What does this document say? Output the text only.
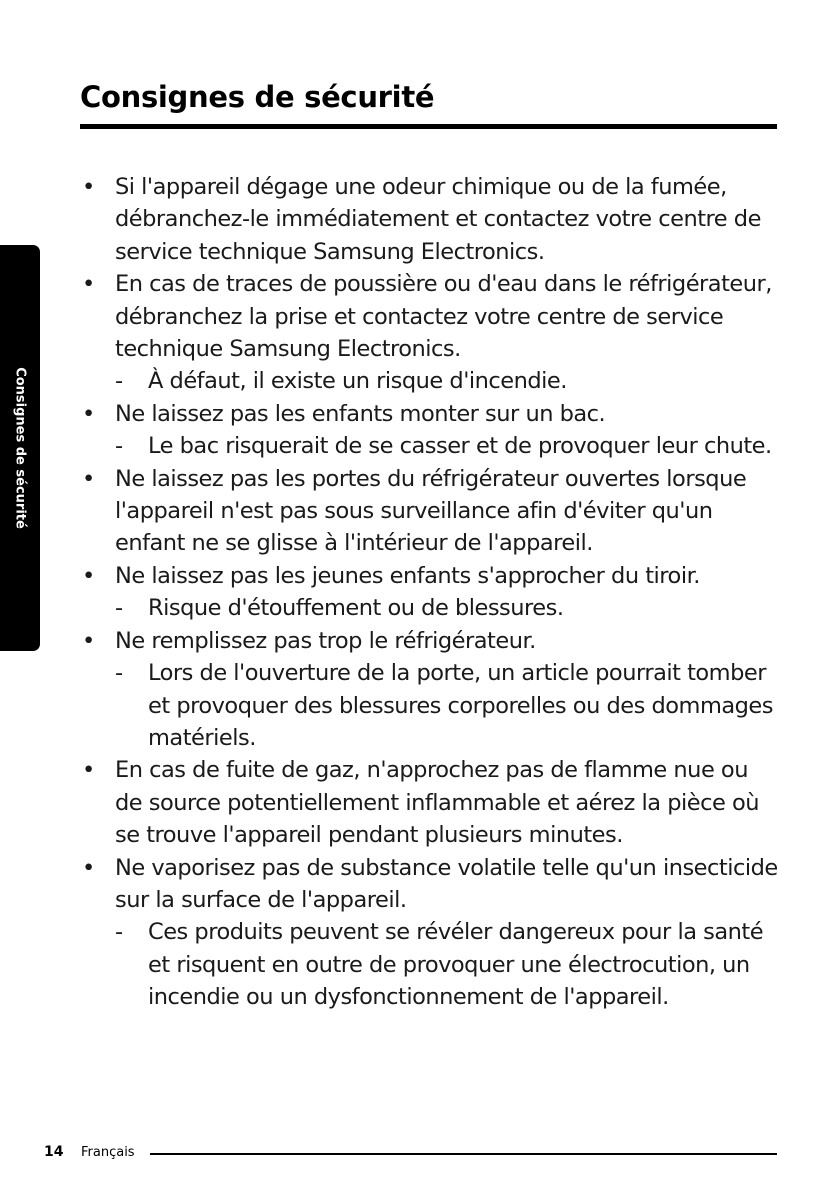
Consignes de sécurité
Consignes de sécurité
• Si l'appareil dégage une odeur chimique ou de la fumée, débranchez-le immédiatement et contactez votre centre de service technique Samsung Electronics.
• En cas de traces de poussière ou d'eau dans le réfrigérateur, débranchez la prise et contactez votre centre de service technique Samsung Electronics.
- À défaut, il existe un risque d'incendie.
• Ne laissez pas les enfants monter sur un bac.
- Le bac risquerait de se casser et de provoquer leur chute.
• Ne laissez pas les portes du réfrigérateur ouvertes lorsque l'appareil n'est pas sous surveillance afin d'éviter qu'un enfant ne se glisse à l'intérieur de l'appareil.
• Ne laissez pas les jeunes enfants s'approcher du tiroir.
- Risque d'étouffement ou de blessures.
• Ne remplissez pas trop le réfrigérateur.
- Lors de l'ouverture de la porte, un article pourrait tomber et provoquer des blessures corporelles ou des dommages matériels.
• En cas de fuite de gaz, n'approchez pas de flamme nue ou de source potentiellement inflammable et aérez la pièce où se trouve l'appareil pendant plusieurs minutes.
• Ne vaporisez pas de substance volatile telle qu'un insecticide sur la surface de l'appareil.
- Ces produits peuvent se révéler dangereux pour la santé et risquent en outre de provoquer une électrocution, un incendie ou un dysfonctionnement de l'appareil.
14 Français
